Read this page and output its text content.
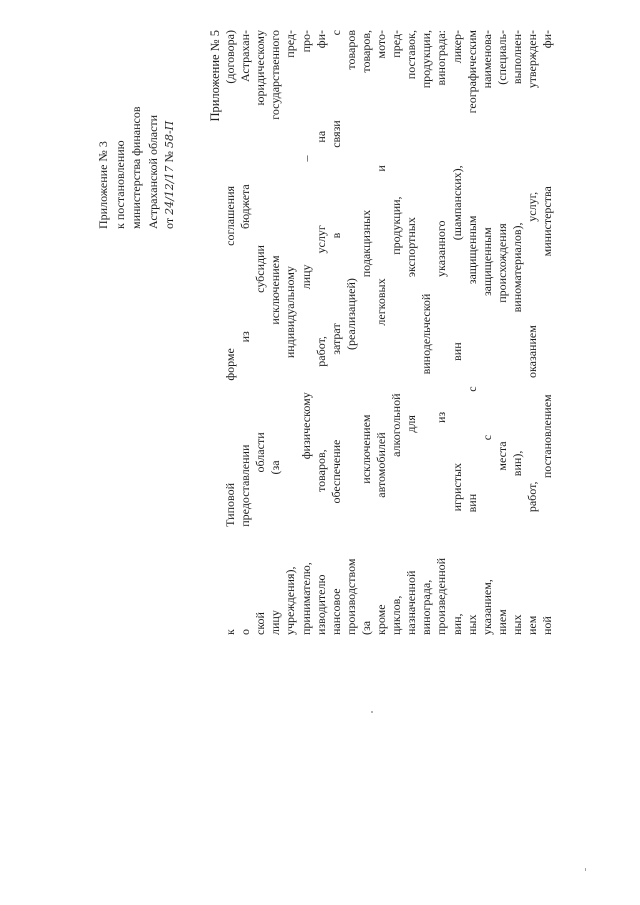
Приложение № 3 к постановлению министерства финансов Астраханской области от 24/12/17 № 58-П
Приложение № 5 к Типовой форме соглашения (договора) о предоставлении из бюджета Астрахан- ской области субсидии юридическому лицу (за исключением государственного учреждения), индивидуальному пред- принимателю, физическому лицу – про- изводителю товаров, работ, услуг на фи- нансовое обеспечение затрат в связи с производством (реализацией) товаров (за исключением подакцизных товаров, кроме автомобилей легковых и мото- циклов, алкогольной продукции, пред- назначенной для экспортных поставок, винограда, винодельческой продукции, произведенной из указанного винограда: вин, игристых вин (шампанских), ликер- ных вин с защищенным географическим указанием, с защищенным наименова- нием места происхождения (специаль- ных вин), виноматериалов), выполнен- ием работ, оказанием услуг, утвержден- ной постановлением министерства фи-
